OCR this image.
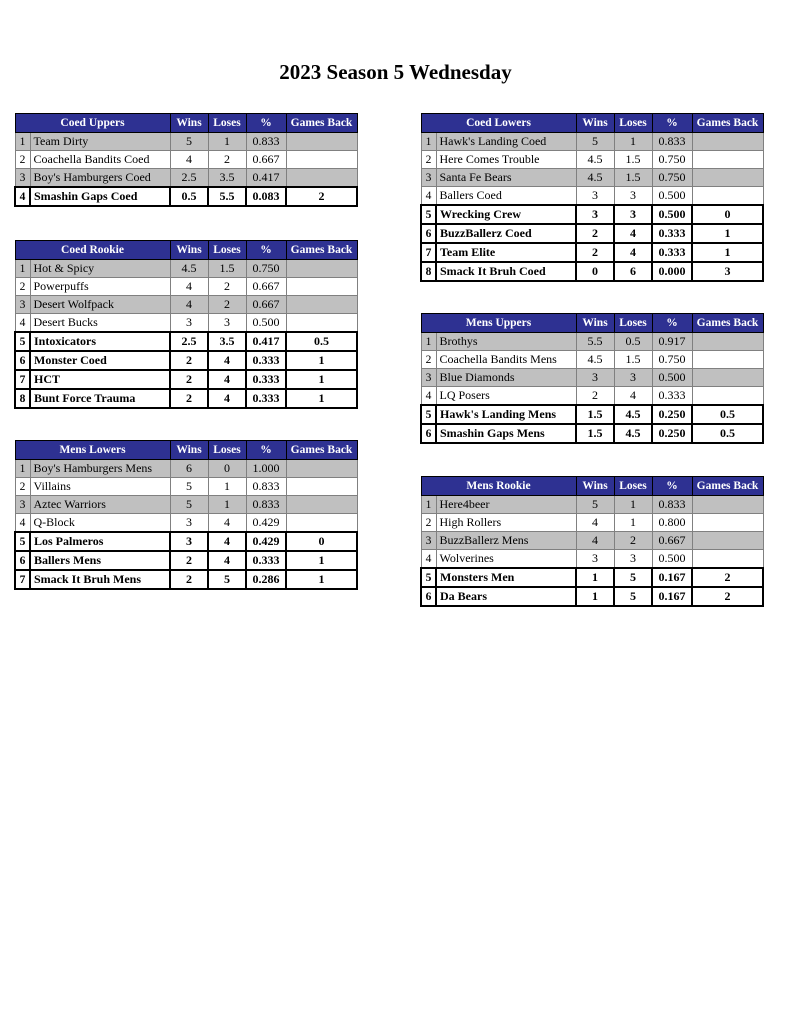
2023 Season 5 Wednesday
Coed Uppers		Wins	Loses	%	Games Back
1	Team Dirty	5	1	0.833	
2	Coachella Bandits Coed	4	2	0.667	
3	Boy's Hamburgers Coed	2.5	3.5	0.417	
4	Smashin Gaps Coed	0.5	5.5	0.083	2
Coed Lowers		Wins	Loses	%	Games Back
1	Hawk's Landing Coed	5	1	0.833	
2	Here Comes Trouble	4.5	1.5	0.750	
3	Santa Fe Bears	4.5	1.5	0.750	
4	Ballers Coed	3	3	0.500	
5	Wrecking Crew	3	3	0.500	0
6	BuzzBallerz Coed	2	4	0.333	1
7	Team Elite	2	4	0.333	1
8	Smack It Bruh Coed	0	6	0.000	3
Coed Rookie		Wins	Loses	%	Games Back
1	Hot & Spicy	4.5	1.5	0.750	
2	Powerpuffs	4	2	0.667	
3	Desert Wolfpack	4	2	0.667	
4	Desert Bucks	3	3	0.500	
5	Intoxicators	2.5	3.5	0.417	0.5
6	Monster Coed	2	4	0.333	1
7	HCT	2	4	0.333	1
8	Bunt Force Trauma	2	4	0.333	1
Mens Uppers		Wins	Loses	%	Games Back
1	Brothys	5.5	0.5	0.917	
2	Coachella Bandits Mens	4.5	1.5	0.750	
3	Blue Diamonds	3	3	0.500	
4	LQ Posers	2	4	0.333	
5	Hawk's Landing Mens	1.5	4.5	0.250	0.5
6	Smashin Gaps Mens	1.5	4.5	0.250	0.5
Mens Lowers		Wins	Loses	%	Games Back
1	Boy's Hamburgers Mens	6	0	1.000	
2	Villains	5	1	0.833	
3	Aztec Warriors	5	1	0.833	
4	Q-Block	3	4	0.429	
5	Los Palmeros	3	4	0.429	0
6	Ballers Mens	2	4	0.333	1
7	Smack It Bruh Mens	2	5	0.286	1
Mens Rookie		Wins	Loses	%	Games Back
1	Here4beer	5	1	0.833	
2	High Rollers	4	1	0.800	
3	BuzzBallerz Mens	4	2	0.667	
4	Wolverines	3	3	0.500	
5	Monsters Men	1	5	0.167	2
6	Da Bears	1	5	0.167	2
